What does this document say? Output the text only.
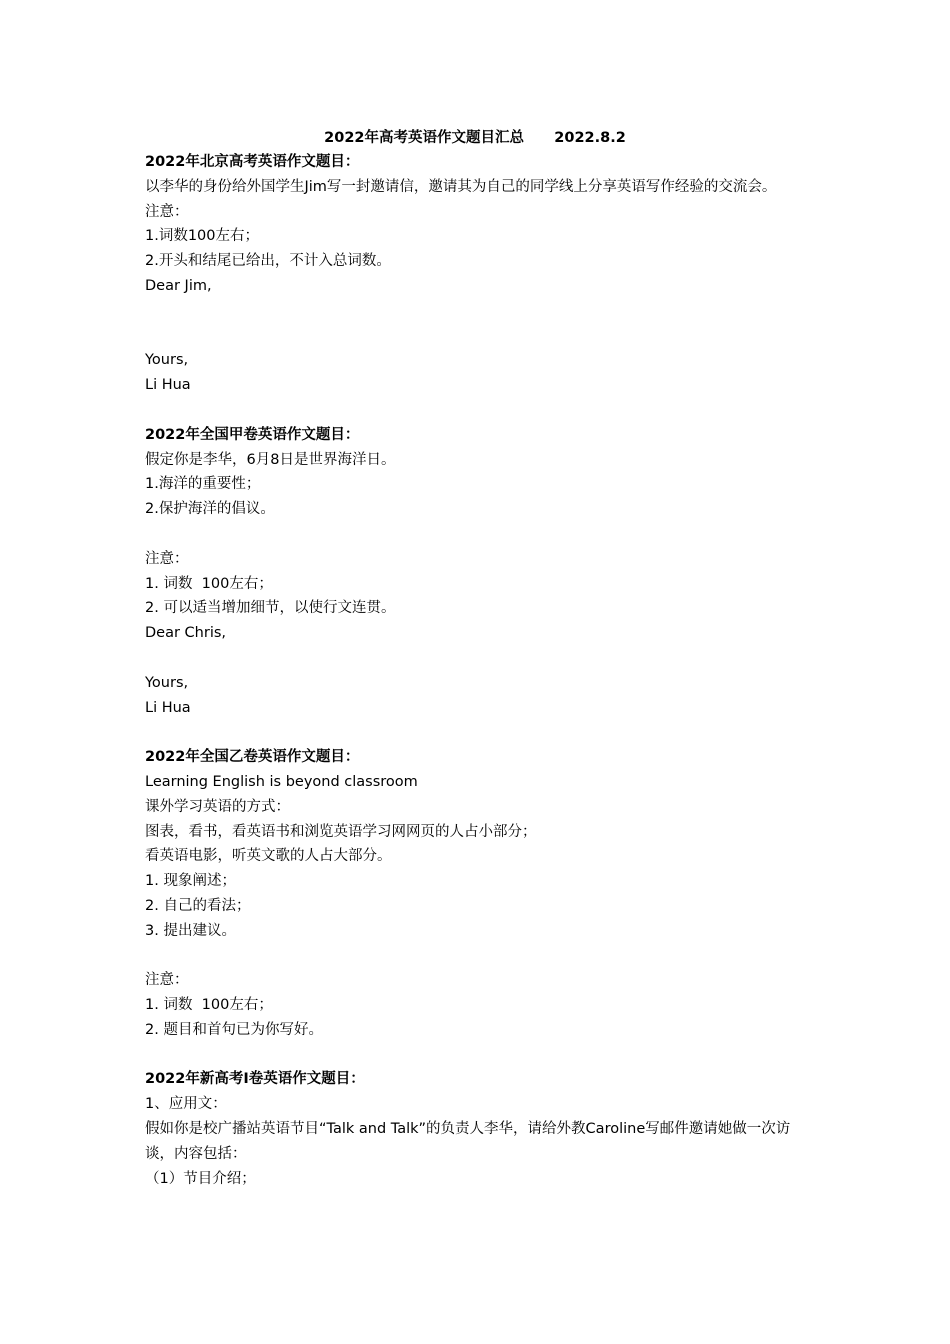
2022年高考英语作文题目汇总      2022.8.2
2022年北京高考英语作文题目：
以李华的身份给外国学生Jim写一封邀请信，邀请其为自己的同学线上分享英语写作经验的交流会。
注意：
1.词数100左右；
2.开头和结尾已给出，不计入总词数。
Dear Jim,
Yours,
Li Hua
2022年全国甲卷英语作文题目：
假定你是李华，6月8日是世界海洋日。
1.海洋的重要性；
2.保护海洋的倡议。
注意：
1. 词数  100左右；
2. 可以适当增加细节，以使行文连贯。
Dear Chris,
Yours,
Li Hua
2022年全国乙卷英语作文题目：
Learning English is beyond classroom
课外学习英语的方式：
图表，看书，看英语书和浏览英语学习网网页的人占小部分；
看英语电影，听英文歌的人占大部分。
1. 现象阐述；
2. 自己的看法；
3. 提出建议。
注意：
1. 词数  100左右；
2. 题目和首句已为你写好。
2022年新高考Ⅰ卷英语作文题目：
1、应用文：
假如你是校广播站英语节目“Talk and Talk”的负责人李华，请给外教Caroline写邮件邀请她做一次访谈，内容包括：
（1）节目介绍；
